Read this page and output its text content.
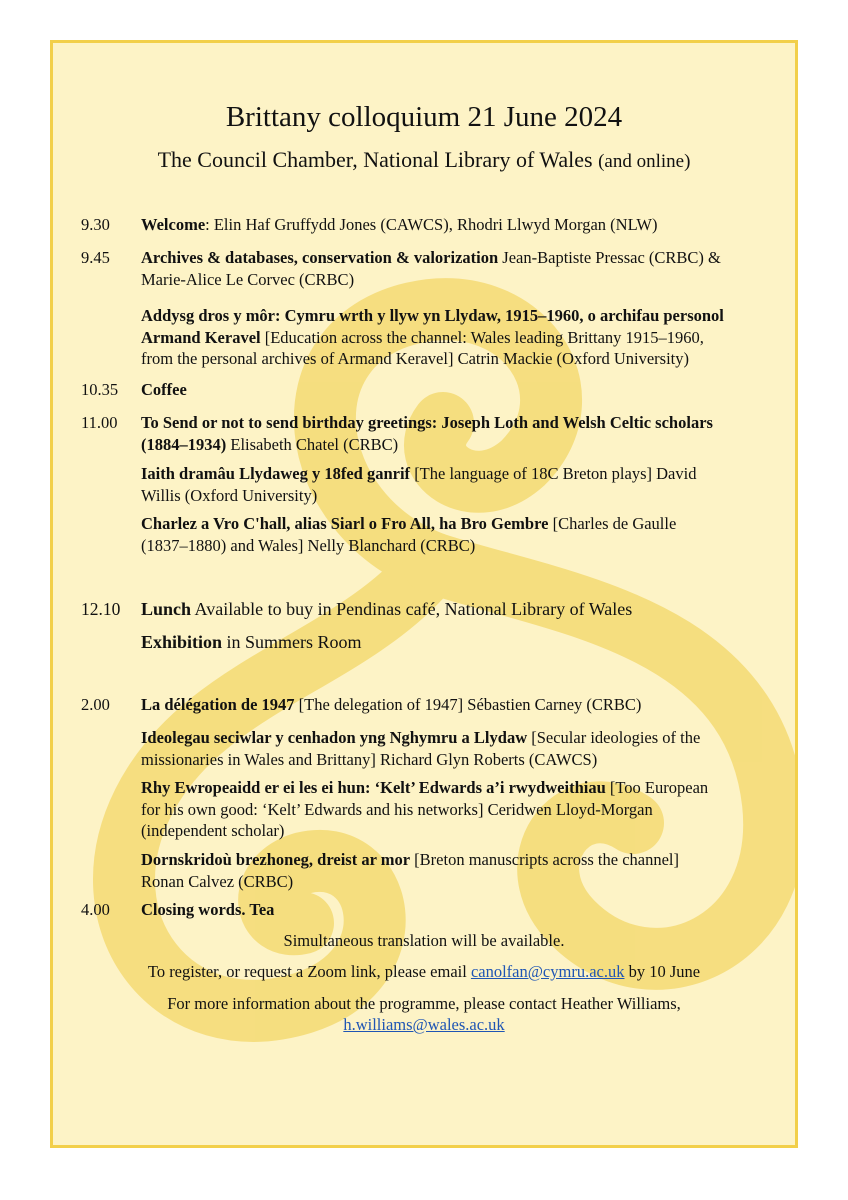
Brittany colloquium 21 June 2024
The Council Chamber, National Library of Wales (and online)
9.30 Welcome: Elin Haf Gruffydd Jones (CAWCS), Rhodri Llwyd Morgan (NLW)
9.45 Archives & databases, conservation & valorization Jean-Baptiste Pressac (CRBC) &
Marie-Alice Le Corvec (CRBC)
Addysg dros y môr: Cymru wrth y llyw yn Llydaw, 1915–1960, o archifau personol
Armand Keravel [Education across the channel: Wales leading Brittany 1915–1960,
from the personal archives of Armand Keravel] Catrin Mackie (Oxford University)
10.35 Coffee
11.00 To Send or not to send birthday greetings: Joseph Loth and Welsh Celtic scholars
(1884–1934) Elisabeth Chatel (CRBC)
Iaith dramâu Llydaweg y 18fed ganrif [The language of 18C Breton plays] David
Willis (Oxford University)
Charlez a Vro C'hall, alias Siarl o Fro All, ha Bro Gembre [Charles de Gaulle
(1837–1880) and Wales] Nelly Blanchard (CRBC)
12.10 Lunch Available to buy in Pendinas café, National Library of Wales
Exhibition in Summers Room
2.00 La délégation de 1947 [The delegation of 1947] Sébastien Carney (CRBC)
Ideolegau seciwlar y cenhadon yng Nghymru a Llydaw [Secular ideologies of the
missionaries in Wales and Brittany] Richard Glyn Roberts (CAWCS)
Rhy Ewropeaidd er ei les ei hun: ‘Kelt’ Edwards a’i rwydweithiau [Too European
for his own good: ‘Kelt’ Edwards and his networks] Ceridwen Lloyd-Morgan
(independent scholar)
Dornskridoù brezhoneg, dreist ar mor [Breton manuscripts across the channel]
Ronan Calvez (CRBC)
4.00 Closing words. Tea
Simultaneous translation will be available.
To register, or request a Zoom link, please email canolfan@cymru.ac.uk by 10 June
For more information about the programme, please contact Heather Williams,
h.williams@wales.ac.uk
